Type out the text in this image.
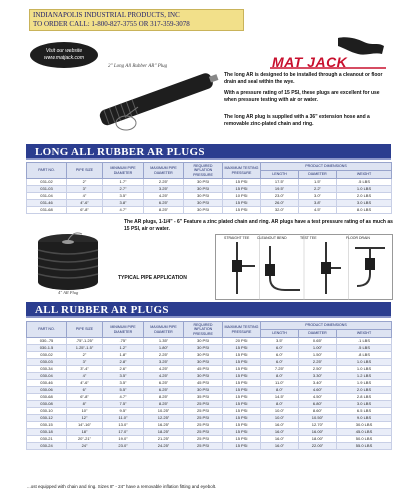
INDIANAPOLIS INDUSTRIAL PRODUCTS, INC
TO ORDER CALL: 1-800-827-3755 OR 317-359-3078
Visit our website
www.matjack.com
2" Long All Rubber AR" Plug	MAT JACK
The long AR is designed to be installed through a cleanout or floor drain and seal within the wye.
With a pressure rating of 15 PSI, these plugs are excellent for use when pressure testing with air or water.
The long AR plug is supplied with a 36" extension hose and a removable zinc-plated chain and ring.
LONG ALL RUBBER AR PLUGS
PART NO.	PIPE SIZE	MINIMUM PIPE DIAMETER	MAXIMUM PIPE DIAMETER	REQUIRED INFLATION PRESSURE	MAXIMUM TESTING PRESSURE	PRODUCT DIMENSIONS		
						LENGTH	DIAMETER	WEIGHT
031-02	2"	1.7"	2.25"	30 PSI	15 PSI	17.5"	1.5"	.5 LBS
031-03	3"	2.7"	3.25"	30 PSI	15 PSI	19.5"	2.2"	1.0 LBS
031-04	4"	3.5"	4.25"	30 PSI	10 PSI	23.0"	3.0"	2.0 LBS
031-46	4"-6"	3.8"	6.25"	30 PSI	15 PSI	26.0"	3.8"	3.0 LBS
031-68	6"-8"	4.7"	8.25"	30 PSI	15 PSI	32.0"	4.5"	8.0 LBS
The AR plugs, 1-1/4" - 6" Feature a zinc plated chain and ring. AR plugs have a test pressure rating of as much as 15 PSI, air or water.
4" AR Plug
STRAIGHT TEE CLEANOUT BEND	TEST TEE	FLOOR DRAIN
TYPICAL PIPE APPLICATION
ALL RUBBER AR PLUGS
PART NO.	PIPE SIZE	MINIMUM PIPE DIAMETER	MAXIMUM PIPE DIAMETER	REQUIRED INFLATION PRESSURE	MAXIMUM TESTING PRESSURE	PRODUCT DIMENSIONS		
						LENGTH	DIAMETER	WEIGHT
030-.75	.75"-1.25"	.75"	1.35"	30 PSI	20 PSI	3.5"	0.65"	.1 LBS
030-1.5	1.25"-1.5"	1.2"	1.80"	30 PSI	15 PSI	6.0"	1.00"	.5 LBS
030-02	2"	1.8"	2.25"	30 PSI	15 PSI	6.0"	1.50"	.8 LBS
030-03	3"	2.8"	3.25"	30 PSI	15 PSI	6.0"	2.25"	1.0 LBS
030-34	3"-4"	2.6"	4.25"	45 PSI	15 PSI	7.25"	2.50"	1.0 LBS
030-04	4"	3.5"	4.25"	30 PSI	15 PSI	8.0"	3.30"	1.2 LBS
030-46	4"-6"	3.5"	6.25"	45 PSI	15 PSI	11.0"	3.40"	1.9 LBS
030-06	6"	5.5"	6.25"	30 PSI	15 PSI	8.0"	4.60"	2.0 LBS
030-68	6"-8"	4.7"	8.25"	35 PSI	15 PSI	14.5"	4.50"	2.8 LBS
030-08	8"	7.5"	8.25"	25 PSI	15 PSI	8.0"	6.80"	3.0 LBS
030-10	10"	9.5"	10.25"	25 PSI	15 PSI	10.0"	8.60"	6.5 LBS
030-12	12"	11.0"	12.25"	25 PSI	15 PSI	10.0"	10.50"	9.0 LBS
030-15	14"-16"	13.0"	16.25"	25 PSI	15 PSI	16.0"	12.70"	30.0 LBS
030-18	18"	17.0"	18.25"	25 PSI	15 PSI	16.0"	16.00"	45.0 LBS
030-21	20"-21"	19.0"	21.25"	25 PSI	15 PSI	16.0"	18.00"	50.0 LBS
030-24	24"	23.0"	24.25"	25 PSI	15 PSI	16.0"	22.00"	55.0 LBS
...ost equipped with chain and ring. Sizes 8" - 24" have a removable inflation fitting and eyebolt.
